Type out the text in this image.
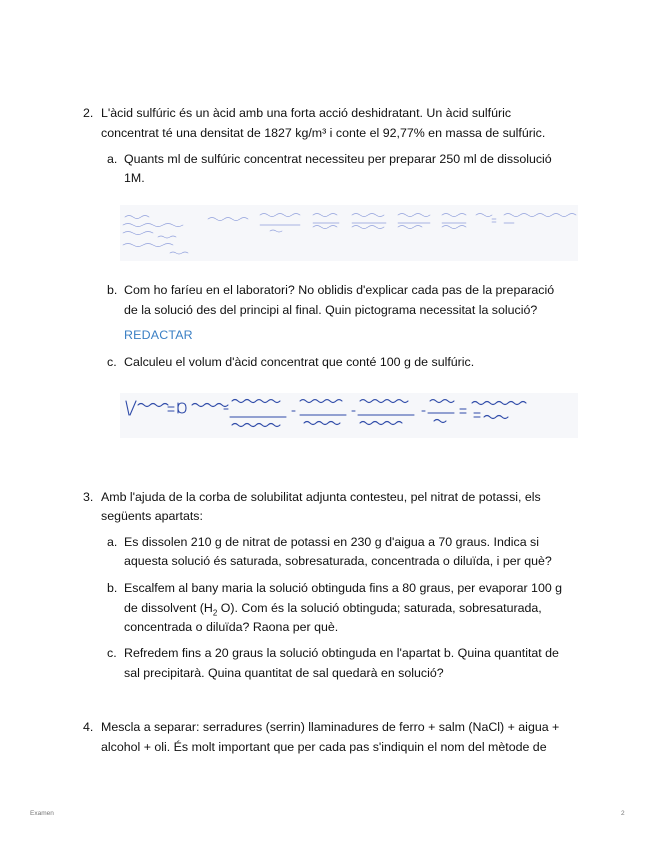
2. L'àcid sulfúric és un àcid amb una forta acció deshidratant. Un àcid sulfúric
concentrat té una densitat de 1827 kg/m³ i conte el 92,77% en massa de sulfúric.
a. Quants ml de sulfúric concentrat necessiteu per preparar 250 ml de dissolució
1M.
b. Com ho faríeu en el laboratori? No oblidis d'explicar cada pas de la preparació
de la solució des del principi al final. Quin pictograma necessitat la solució?
REDACTAR
c. Calculeu el volum d'àcid concentrat que conté 100 g de sulfúric.
3. Amb l'ajuda de la corba de solubilitat adjunta contesteu, pel nitrat de potassi, els
següents apartats:
a. Es dissolen 210 g de nitrat de potassi en 230 g d'aigua a 70 graus. Indica si
aquesta solució és saturada, sobresaturada, concentrada o diluïda, i per què?
b. Escalfem al bany maria la solució obtinguda fins a 80 graus, per evaporar 100 g
de dissolvent ($H_2$ O). Com és la solució obtinguda; saturada, sobresaturada,
concentrada o diluïda? Raona per què.
c. Refredem fins a 20 graus la solució obtinguda en l'apartat b. Quina quantitat de
sal precipitarà. Quina quantitat de sal quedarà en solució?
4. Mescla a separar: serradures (serrin) llaminadures de ferro + salm (NaCl) + aigua +
alcohol + oli. És molt important que per cada pas s'indiquin el nom del mètode de
Examen	2
